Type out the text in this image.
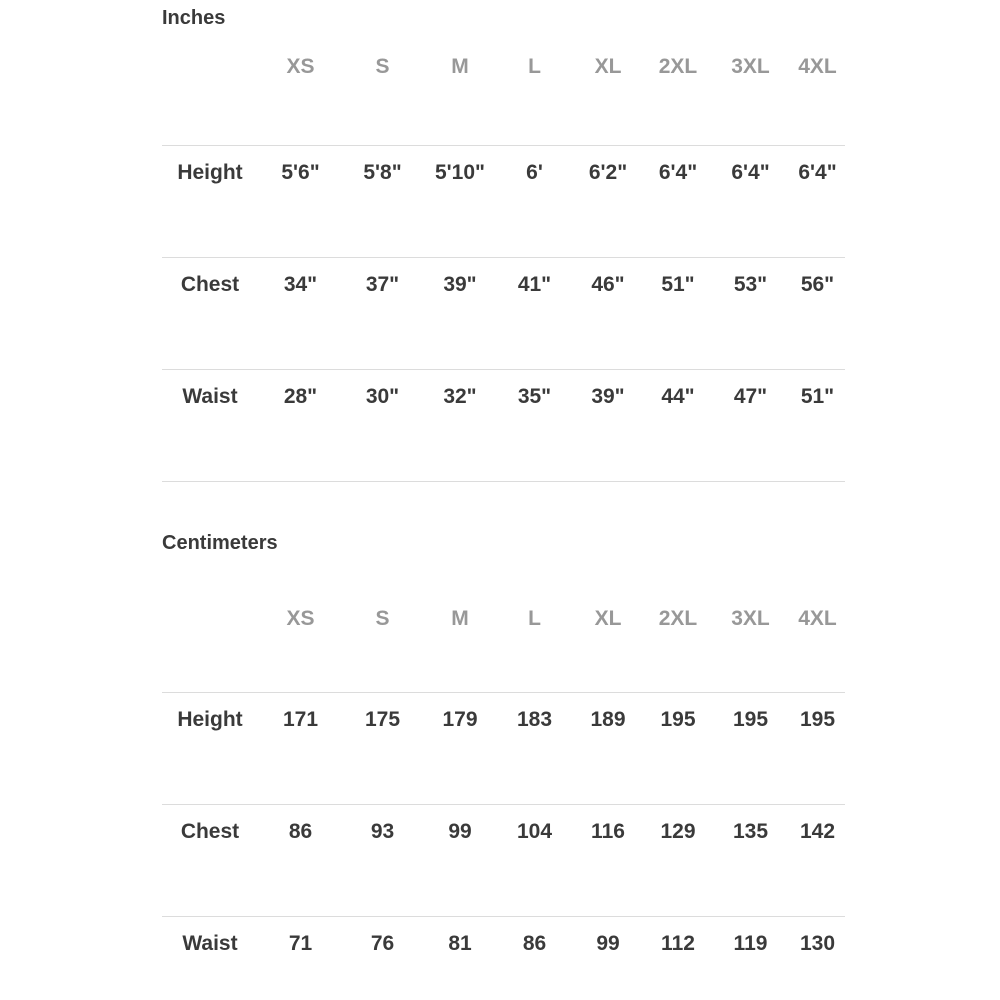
Inches
	XS	S	M	L	XL	2XL	3XL	4XL
Height	5'6"	5'8"	5'10"	6'	6'2"	6'4"	6'4"	6'4"
Chest	34"	37"	39"	41"	46"	51"	53"	56"
Waist	28"	30"	32"	35"	39"	44"	47"	51"
Centimeters
	XS	S	M	L	XL	2XL	3XL	4XL
Height	171	175	179	183	189	195	195	195
Chest	86	93	99	104	116	129	135	142
Waist	71	76	81	86	99	112	119	130
